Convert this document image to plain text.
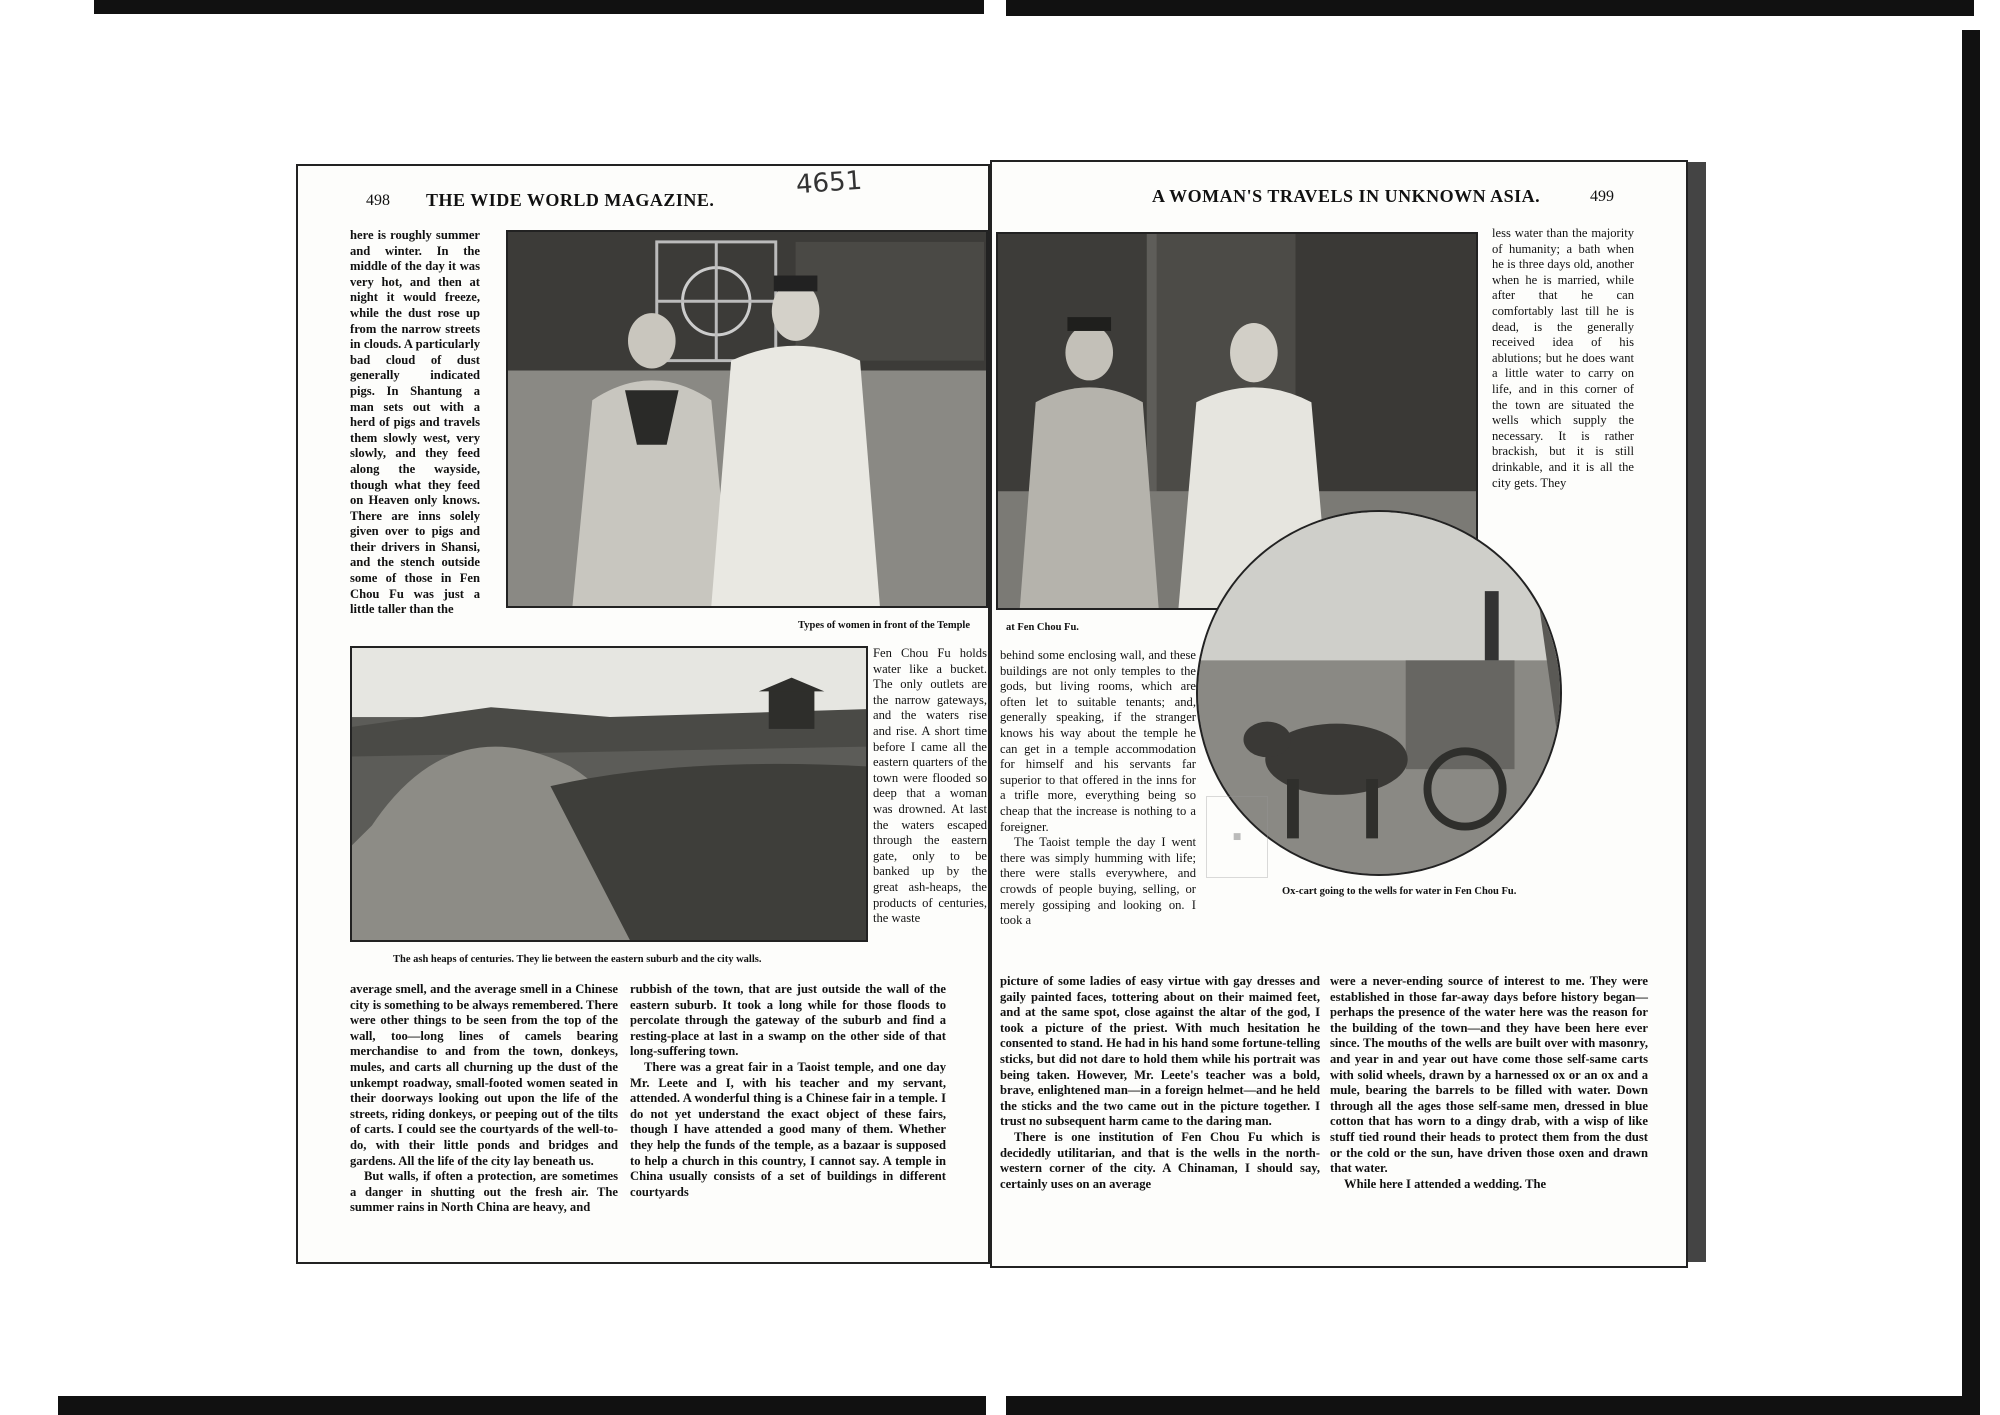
498 THE WIDE WORLD MAGAZINE.	4651

here is roughly summer and winter. In the middle of the day it was very hot, and then at night it would freeze, while the dust rose up from the narrow streets in clouds. A particularly bad cloud of dust generally indicated pigs. In Shantung a man sets out with a herd of pigs and travels them slowly west, very slowly, and they feed along the wayside, though what they feed on Heaven only knows. There are inns solely given over to pigs and their drivers in Shansi, and the stench outside some of those in Fen Chou Fu was just a little taller than the

Types of women in front of the Temple
The ash heaps of centuries. They lie between the eastern suburb and the city walls.

Fen Chou Fu holds water like a bucket. The only outlets are the narrow gateways, and the waters rise and rise. A short time before I came all the eastern quarters of the town were flooded so deep that a woman was drowned. At last the waters escaped through the eastern gate, only to be banked up by the great ash-heaps, the products of centuries, the waste

average smell, and the average smell in a Chinese city is something to be always remembered. There were other things to be seen from the top of the wall, too—long lines of camels bearing merchandise to and from the town, donkeys, mules, and carts all churning up the dust of the unkempt roadway, small-footed women seated in their doorways looking out upon the life of the streets, riding donkeys, or peeping out of the tilts of carts. I could see the courtyards of the well-to-do, with their little ponds and bridges and gardens. All the life of the city lay beneath us.

But walls, if often a protection, are sometimes a danger in shutting out the fresh air. The summer rains in North China are heavy, and

rubbish of the town, that are just outside the wall of the eastern suburb. It took a long while for those floods to percolate through the gateway of the suburb and find a resting-place at last in a swamp on the other side of that long-suffering town.

There was a great fair in a Taoist temple, and one day Mr. Leete and I, with his teacher and my servant, attended. A wonderful thing is a Chinese fair in a temple. I do not yet understand the exact object of these fairs, though I have attended a good many of them. Whether they help the funds of the temple, as a bazaar is supposed to help a church in this country, I cannot say. A temple in China usually consists of a set of buildings in different courtyards

A WOMAN'S TRAVELS IN UNKNOWN ASIA.	499
at Fen Chou Fu.

less water than the majority of humanity; a bath when he is three days old, another when he is married, while after that he can comfortably last till he is dead, is the generally received idea of his ablutions; but he does want a little water to carry on life, and in this corner of the town are situated the wells which supply the necessary. It is rather brackish, but it is still drinkable, and it is all the city gets. They

Ox-cart going to the wells for water in Fen Chou Fu.
■

behind some enclosing wall, and these buildings are not only temples to the gods, but living rooms, which are often let to suitable tenants; and, generally speaking, if the stranger knows his way about the temple he can get in a temple accommodation for himself and his servants far superior to that offered in the inns for a trifle more, everything being so cheap that the increase is nothing to a foreigner.

The Taoist temple the day I went there was simply humming with life; there were stalls everywhere, and crowds of people buying, selling, or merely gossiping and looking on. I took a

picture of some ladies of easy virtue with gay dresses and gaily painted faces, tottering about on their maimed feet, and at the same spot, close against the altar of the god, I took a picture of the priest. With much hesitation he consented to stand. He had in his hand some fortune-telling sticks, but did not dare to hold them while his portrait was being taken. However, Mr. Leete's teacher was a bold, brave, enlightened man—in a foreign helmet—and he held the sticks and the two came out in the picture together. I trust no subsequent harm came to the daring man.

There is one institution of Fen Chou Fu which is decidedly utilitarian, and that is the wells in the north-western corner of the city. A Chinaman, I should say, certainly uses on an average

were a never-ending source of interest to me. They were established in those far-away days before history began—perhaps the presence of the water here was the reason for the building of the town—and they have been here ever since. The mouths of the wells are built over with masonry, and year in and year out have come those self-same carts with solid wheels, drawn by a harnessed ox or an ox and a mule, bearing the barrels to be filled with water. Down through all the ages those self-same men, dressed in blue cotton that has worn to a dingy drab, with a wisp of like stuff tied round their heads to protect them from the dust or the cold or the sun, have driven those oxen and drawn that water.

While here I attended a wedding. The
